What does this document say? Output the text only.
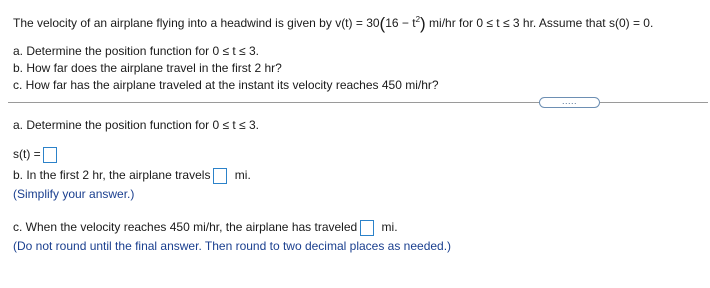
The velocity of an airplane flying into a headwind is given by $v(t) = 30(16 - t^2)$ mi/hr for 0 ≤ t ≤ 3 hr. Assume that s(0) = 0.
a. Determine the position function for 0 ≤ t ≤ 3.
b. How far does the airplane travel in the first 2 hr?
c. How far has the airplane traveled at the instant its velocity reaches 450 mi/hr?
.....
a. Determine the position function for 0 ≤ t ≤ 3.
s(t) =
b. In the first 2 hr, the airplane travels mi.
(Simplify your answer.)
c. When the velocity reaches 450 mi/hr, the airplane has traveled mi.
(Do not round until the final answer. Then round to two decimal places as needed.)
